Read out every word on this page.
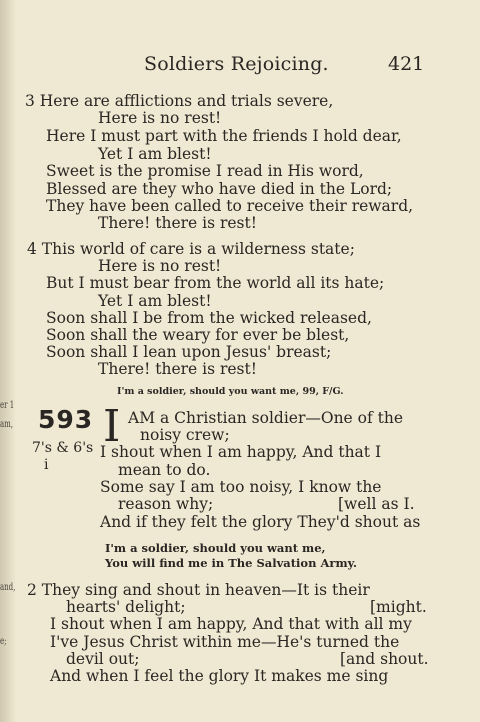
er 1
am,
and,
e;
Soldiers Rejoicing.	421
3 Here are afflictions and trials severe,
Here is no rest!
Here I must part with the friends I hold dear,
Yet I am blest!
Sweet is the promise I read in His word,
Blessed are they who have died in the Lord;
They have been called to receive their reward,
There! there is rest!
4 This world of care is a wilderness state;
Here is no rest!
But I must bear from the world all its hate;
Yet I am blest!
Soon shall I be from the wicked released,
Soon shall the weary for ever be blest,
Soon shall I lean upon Jesus' breast;
There! there is rest!
I'm a soldier, should you want me, 99, F/G.
593
7's & 6's
i
I AM a Christian soldier—One of the
noisy crew;
I shout when I am happy, And that I
mean to do.
Some say I am too noisy, I know the
reason why;	[well as I.
And if they felt the glory They'd shout as
I'm a soldier, should you want me,
You will find me in The Salvation Army.
2 They sing and shout in heaven—It is their
hearts' delight;	[might.
I shout when I am happy, And that with all my
I've Jesus Christ within me—He's turned the
devil out;	[and shout.
And when I feel the glory It makes me sing
